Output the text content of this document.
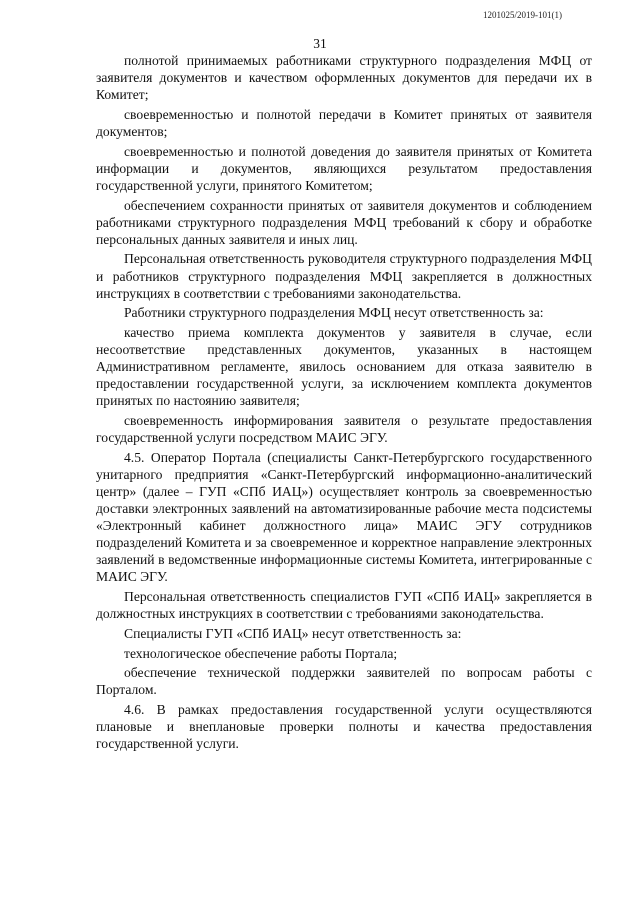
1201025/2019-101(1)
31

полнотой принимаемых работниками структурного подразделения МФЦ от заявителя документов и качеством оформленных документов для передачи их в Комитет;

своевременностью и полнотой передачи в Комитет принятых от заявителя документов;

своевременностью и полнотой доведения до заявителя принятых от Комитета информации и документов, являющихся результатом предоставления государственной услуги, принятого Комитетом;

обеспечением сохранности принятых от заявителя документов и соблюдением работниками структурного подразделения МФЦ требований к сбору и обработке персональных данных заявителя и иных лиц.

Персональная ответственность руководителя структурного подразделения МФЦ и работников структурного подразделения МФЦ закрепляется в должностных инструкциях в соответствии с требованиями законодательства.

Работники структурного подразделения МФЦ несут ответственность за:

качество приема комплекта документов у заявителя в случае, если несоответствие представленных документов, указанных в настоящем Административном регламенте, явилось основанием для отказа заявителю в предоставлении государственной услуги, за исключением комплекта документов принятых по настоянию заявителя;

своевременность информирования заявителя о результате предоставления государственной услуги посредством МАИС ЭГУ.

4.5. Оператор Портала (специалисты Санкт-Петербургского государственного унитарного предприятия «Санкт-Петербургский информационно-аналитический центр» (далее – ГУП «СПб ИАЦ») осуществляет контроль за своевременностью доставки электронных заявлений на автоматизированные рабочие места подсистемы «Электронный кабинет должностного лица» МАИС ЭГУ сотрудников подразделений Комитета и за своевременное и корректное направление электронных заявлений в ведомственные информационные системы Комитета, интегрированные с МАИС ЭГУ.

Персональная ответственность специалистов ГУП «СПб ИАЦ» закрепляется в должностных инструкциях в соответствии с требованиями законодательства.

Специалисты ГУП «СПб ИАЦ» несут ответственность за:

технологическое обеспечение работы Портала;

обеспечение технической поддержки заявителей по вопросам работы с Порталом.

4.6. В рамках предоставления государственной услуги осуществляются плановые и внеплановые проверки полноты и качества предоставления государственной услуги.
